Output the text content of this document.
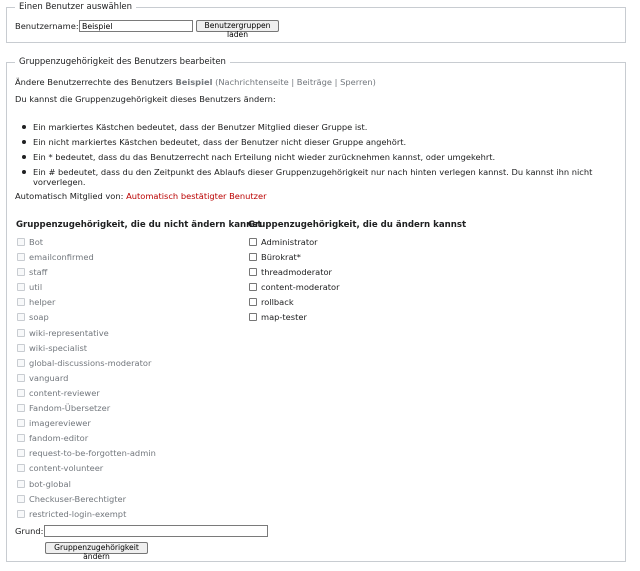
Einen Benutzer auswählen
Benutzername:
Beispiel	Benutzergruppen laden
Gruppenzugehörigkeit des Benutzers bearbeiten
Ändere Benutzerrechte des Benutzers Beispiel (Nachrichtenseite | Beiträge | Sperren)
Du kannst die Gruppenzugehörigkeit dieses Benutzers ändern:
Ein markiertes Kästchen bedeutet, dass der Benutzer Mitglied dieser Gruppe ist.
Ein nicht markiertes Kästchen bedeutet, dass der Benutzer nicht dieser Gruppe angehört.
Ein * bedeutet, dass du das Benutzerrecht nach Erteilung nicht wieder zurücknehmen kannst, oder umgekehrt.
Ein # bedeutet, dass du den Zeitpunkt des Ablaufs dieser Gruppenzugehörigkeit nur nach hinten verlegen kannst. Du kannst ihn nicht vorverlegen.
Automatisch Mitglied von: Automatisch bestätigter Benutzer
Gruppenzugehörigkeit, die du nicht ändern kannst
Gruppenzugehörigkeit, die du ändern kannst
Bot
emailconfirmed
staff
util
helper
soap
wiki-representative
wiki-specialist
global-discussions-moderator
vanguard
content-reviewer
Fandom-Übersetzer
imagereviewer
fandom-editor
request-to-be-forgotten-admin
content-volunteer
bot-global
Checkuser-Berechtigter
restricted-login-exempt
Administrator
Bürokrat*
threadmoderator
content-moderator
rollback
map-tester
Grund:
Gruppenzugehörigkeit ändern
